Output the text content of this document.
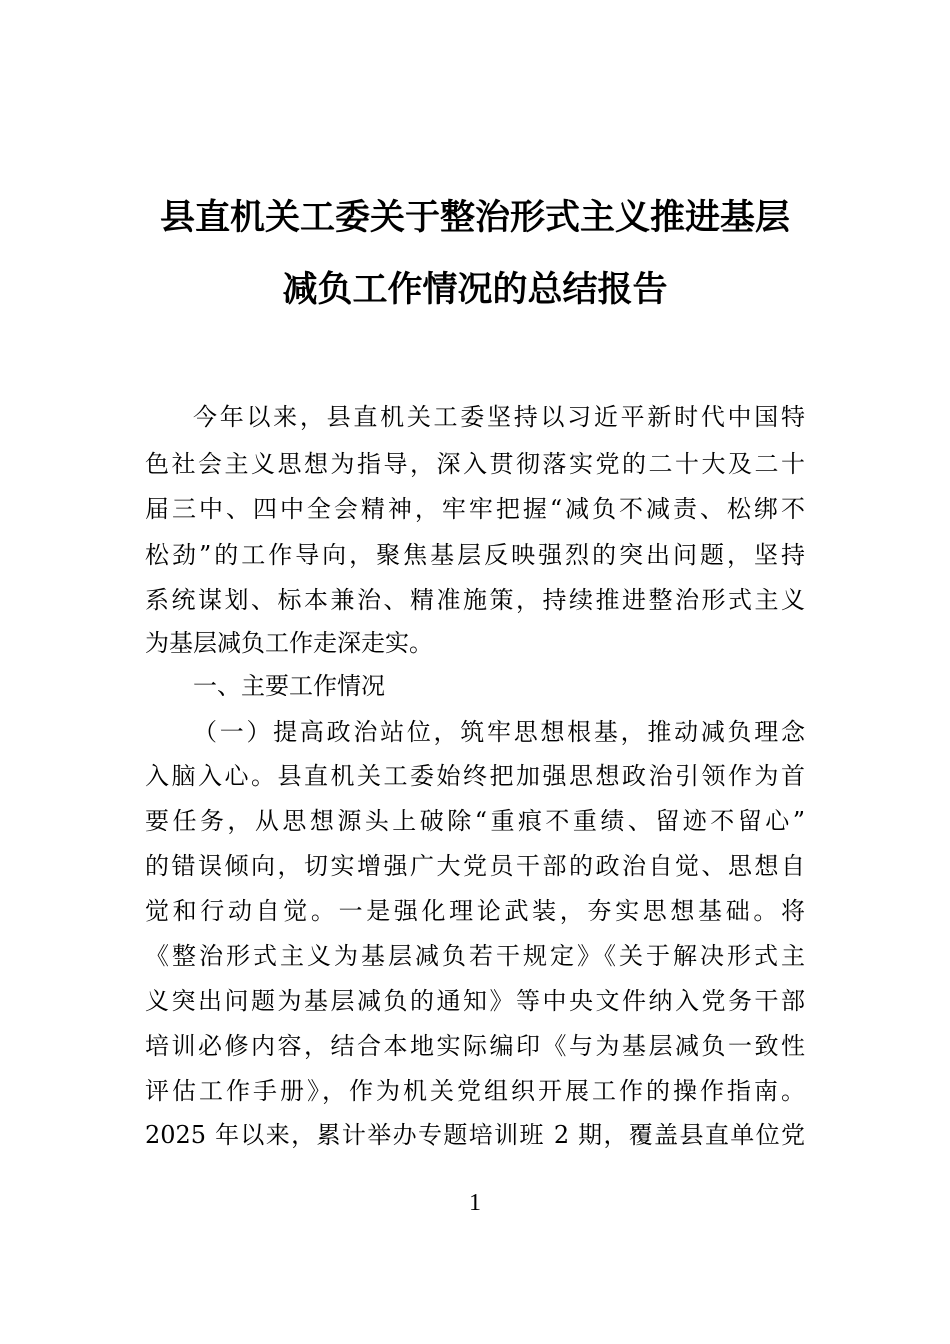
县直机关工委关于整治形式主义推进基层
减负工作情况的总结报告
今年以来，县直机关工委坚持以习近平新时代中国特
色社会主义思想为指导，深入贯彻落实党的二十大及二十
届三中、四中全会精神，牢牢把握“减负不减责、松绑不
松劲”的工作导向，聚焦基层反映强烈的突出问题，坚持
系统谋划、标本兼治、精准施策，持续推进整治形式主义
为基层减负工作走深走实。
一、主要工作情况
（一）提高政治站位，筑牢思想根基，推动减负理念
入脑入心。县直机关工委始终把加强思想政治引领作为首
要任务，从思想源头上破除“重痕不重绩、留迹不留心”
的错误倾向，切实增强广大党员干部的政治自觉、思想自
觉和行动自觉。一是强化理论武装，夯实思想基础。将
《整治形式主义为基层减负若干规定》《关于解决形式主
义突出问题为基层减负的通知》等中央文件纳入党务干部
培训必修内容，结合本地实际编印《与为基层减负一致性
评估工作手册》，作为机关党组织开展工作的操作指南。
2025 年以来，累计举办专题培训班 2 期，覆盖县直单位党
1
